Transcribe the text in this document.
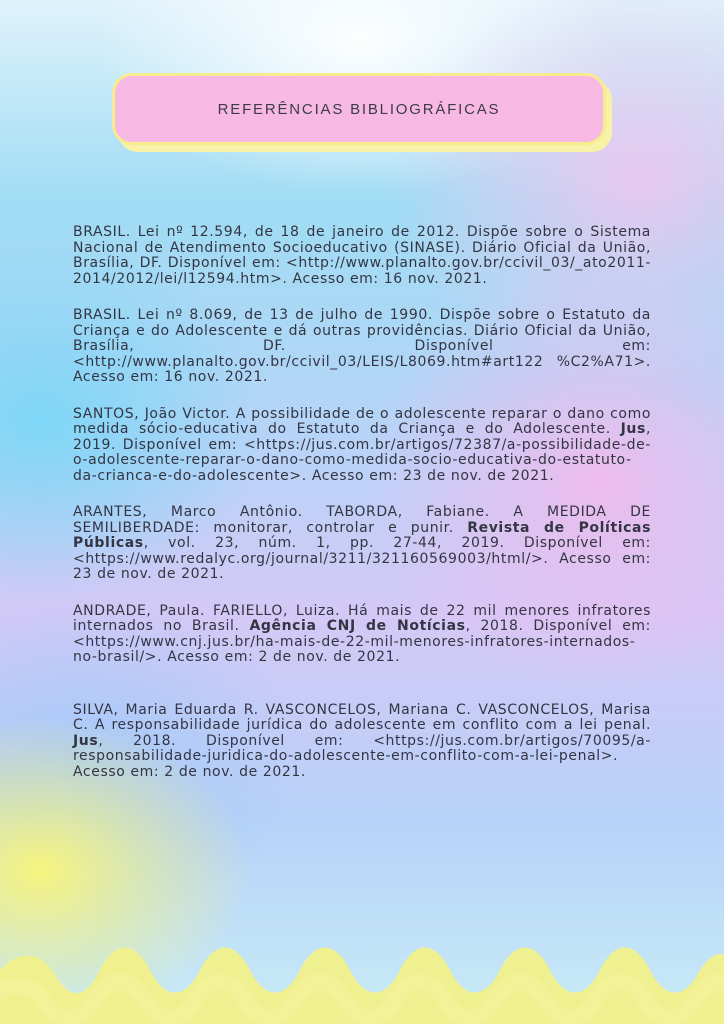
REFERÊNCIAS BIBLIOGRÁFICAS

BRASIL. Lei nº 12.594, de 18 de janeiro de 2012. Dispõe sobre o Sistema Nacional de Atendimento Socioeducativo (SINASE). Diário Oficial da União, Brasília, DF. Disponível em: <http://www.planalto.gov.br/ccivil_03/_ato2011-2014/2012/lei/l12594.htm>. Acesso em: 16 nov. 2021.

BRASIL. Lei nº 8.069, de 13 de julho de 1990. Dispõe sobre o Estatuto da Criança e do Adolescente e dá outras providências. Diário Oficial da União, Brasília, DF. Disponível em: <http://www.planalto.gov.br/ccivil_03/LEIS/L8069.htm#art122 %C2%A71>. Acesso em: 16 nov. 2021.

SANTOS, João Victor. A possibilidade de o adolescente reparar o dano como medida sócio-educativa do Estatuto da Criança e do Adolescente. Jus, 2019. Disponível em: <https://jus.com.br/artigos/72387/a-possibilidade-de-o-adolescente-reparar-o-dano-como-medida-socio-educativa-do-estatuto-da-crianca-e-do-adolescente>. Acesso em: 23 de nov. de 2021.

ARANTES, Marco Antônio. TABORDA, Fabiane. A MEDIDA DE SEMILIBERDADE: monitorar, controlar e punir. Revista de Políticas Públicas, vol. 23, núm. 1, pp. 27-44, 2019. Disponível em: <https://www.redalyc.org/journal/3211/321160569003/html/>. Acesso em: 23 de nov. de 2021.

ANDRADE, Paula. FARIELLO, Luiza. Há mais de 22 mil menores infratores internados no Brasil. Agência CNJ de Notícias, 2018. Disponível em: <https://www.cnj.jus.br/ha-mais-de-22-mil-menores-infratores-internados-no-brasil/>. Acesso em: 2 de nov. de 2021.

SILVA, Maria Eduarda R. VASCONCELOS, Mariana C. VASCONCELOS, Marisa C. A responsabilidade jurídica do adolescente em conflito com a lei penal. Jus, 2018. Disponível em: <https://jus.com.br/artigos/70095/a-responsabilidade-juridica-do-adolescente-em-conflito-com-a-lei-penal>. Acesso em: 2 de nov. de 2021.
